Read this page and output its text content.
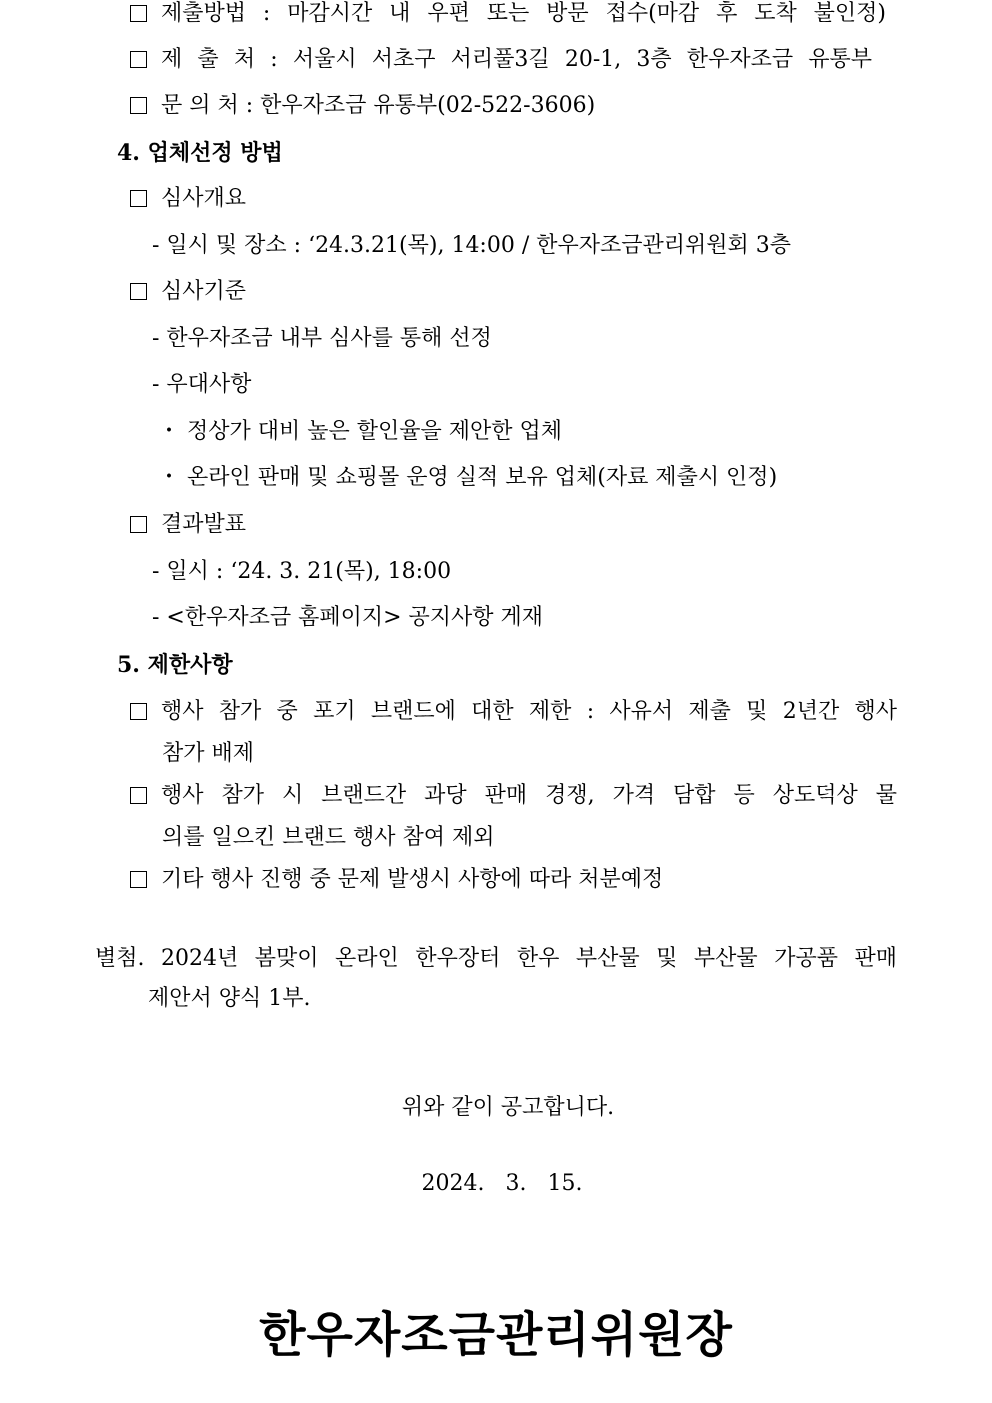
제출방법 : 마감시간 내 우편 또는 방문 접수(마감 후 도착 불인정)
제 출 처 : 서울시 서초구 서리풀3길 20-1, 3층 한우자조금 유통부
문 의 처 : 한우자조금 유통부(02-522-3606)
4. 업체선정 방법
심사개요
- 일시 및 장소 : ‘24.3.21(목), 14:00 / 한우자조금관리위원회 3층
심사기준
- 한우자조금 내부 심사를 통해 선정
- 우대사항
・ 정상가 대비 높은 할인율을 제안한 업체
・ 온라인 판매 및 쇼핑몰 운영 실적 보유 업체(자료 제출시 인정)
결과발표
- 일시 : ‘24. 3. 21(목), 18:00
- <한우자조금 홈페이지> 공지사항 게재
5. 제한사항
행사 참가 중 포기 브랜드에 대한 제한 : 사유서 제출 및 2년간 행사
참가 배제
행사 참가 시 브랜드간 과당 판매 경쟁, 가격 담합 등 상도덕상 물
의를 일으킨 브랜드 행사 참여 제외
기타 행사 진행 중 문제 발생시 사항에 따라 처분예정
별첨. 2024년 봄맞이 온라인 한우장터 한우 부산물 및 부산물 가공품 판매
제안서 양식 1부.
위와 같이 공고합니다.
2024.   3.   15.
한우자조금관리위원장
